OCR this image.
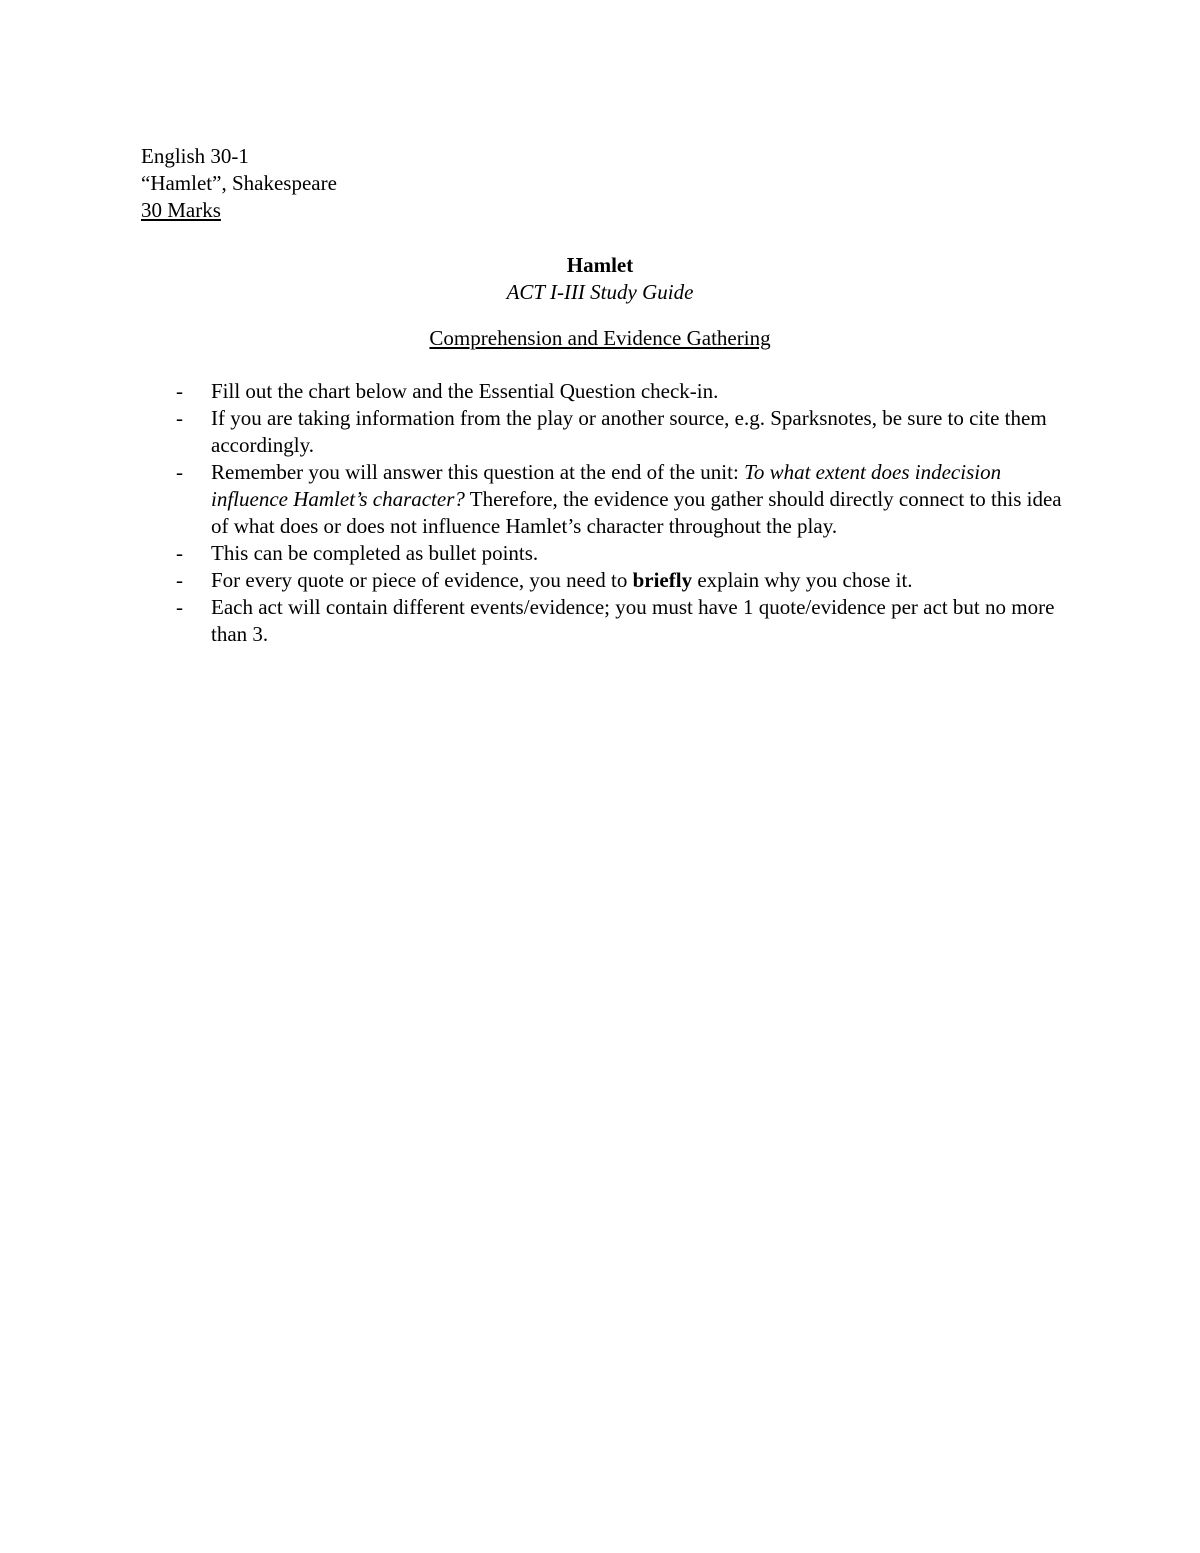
English 30-1
“Hamlet”, Shakespeare
30 Marks
Hamlet
ACT I-III Study Guide
Comprehension and Evidence Gathering
- Fill out the chart below and the Essential Question check-in.
- If you are taking information from the play or another source, e.g. Sparksnotes, be sure to cite them accordingly.
- Remember you will answer this question at the end of the unit: To what extent does indecision influence Hamlet’s character? Therefore, the evidence you gather should directly connect to this idea of what does or does not influence Hamlet’s character throughout the play.
- This can be completed as bullet points.
- For every quote or piece of evidence, you need to briefly explain why you chose it.
- Each act will contain different events/evidence; you must have 1 quote/evidence per act but no more than 3.
